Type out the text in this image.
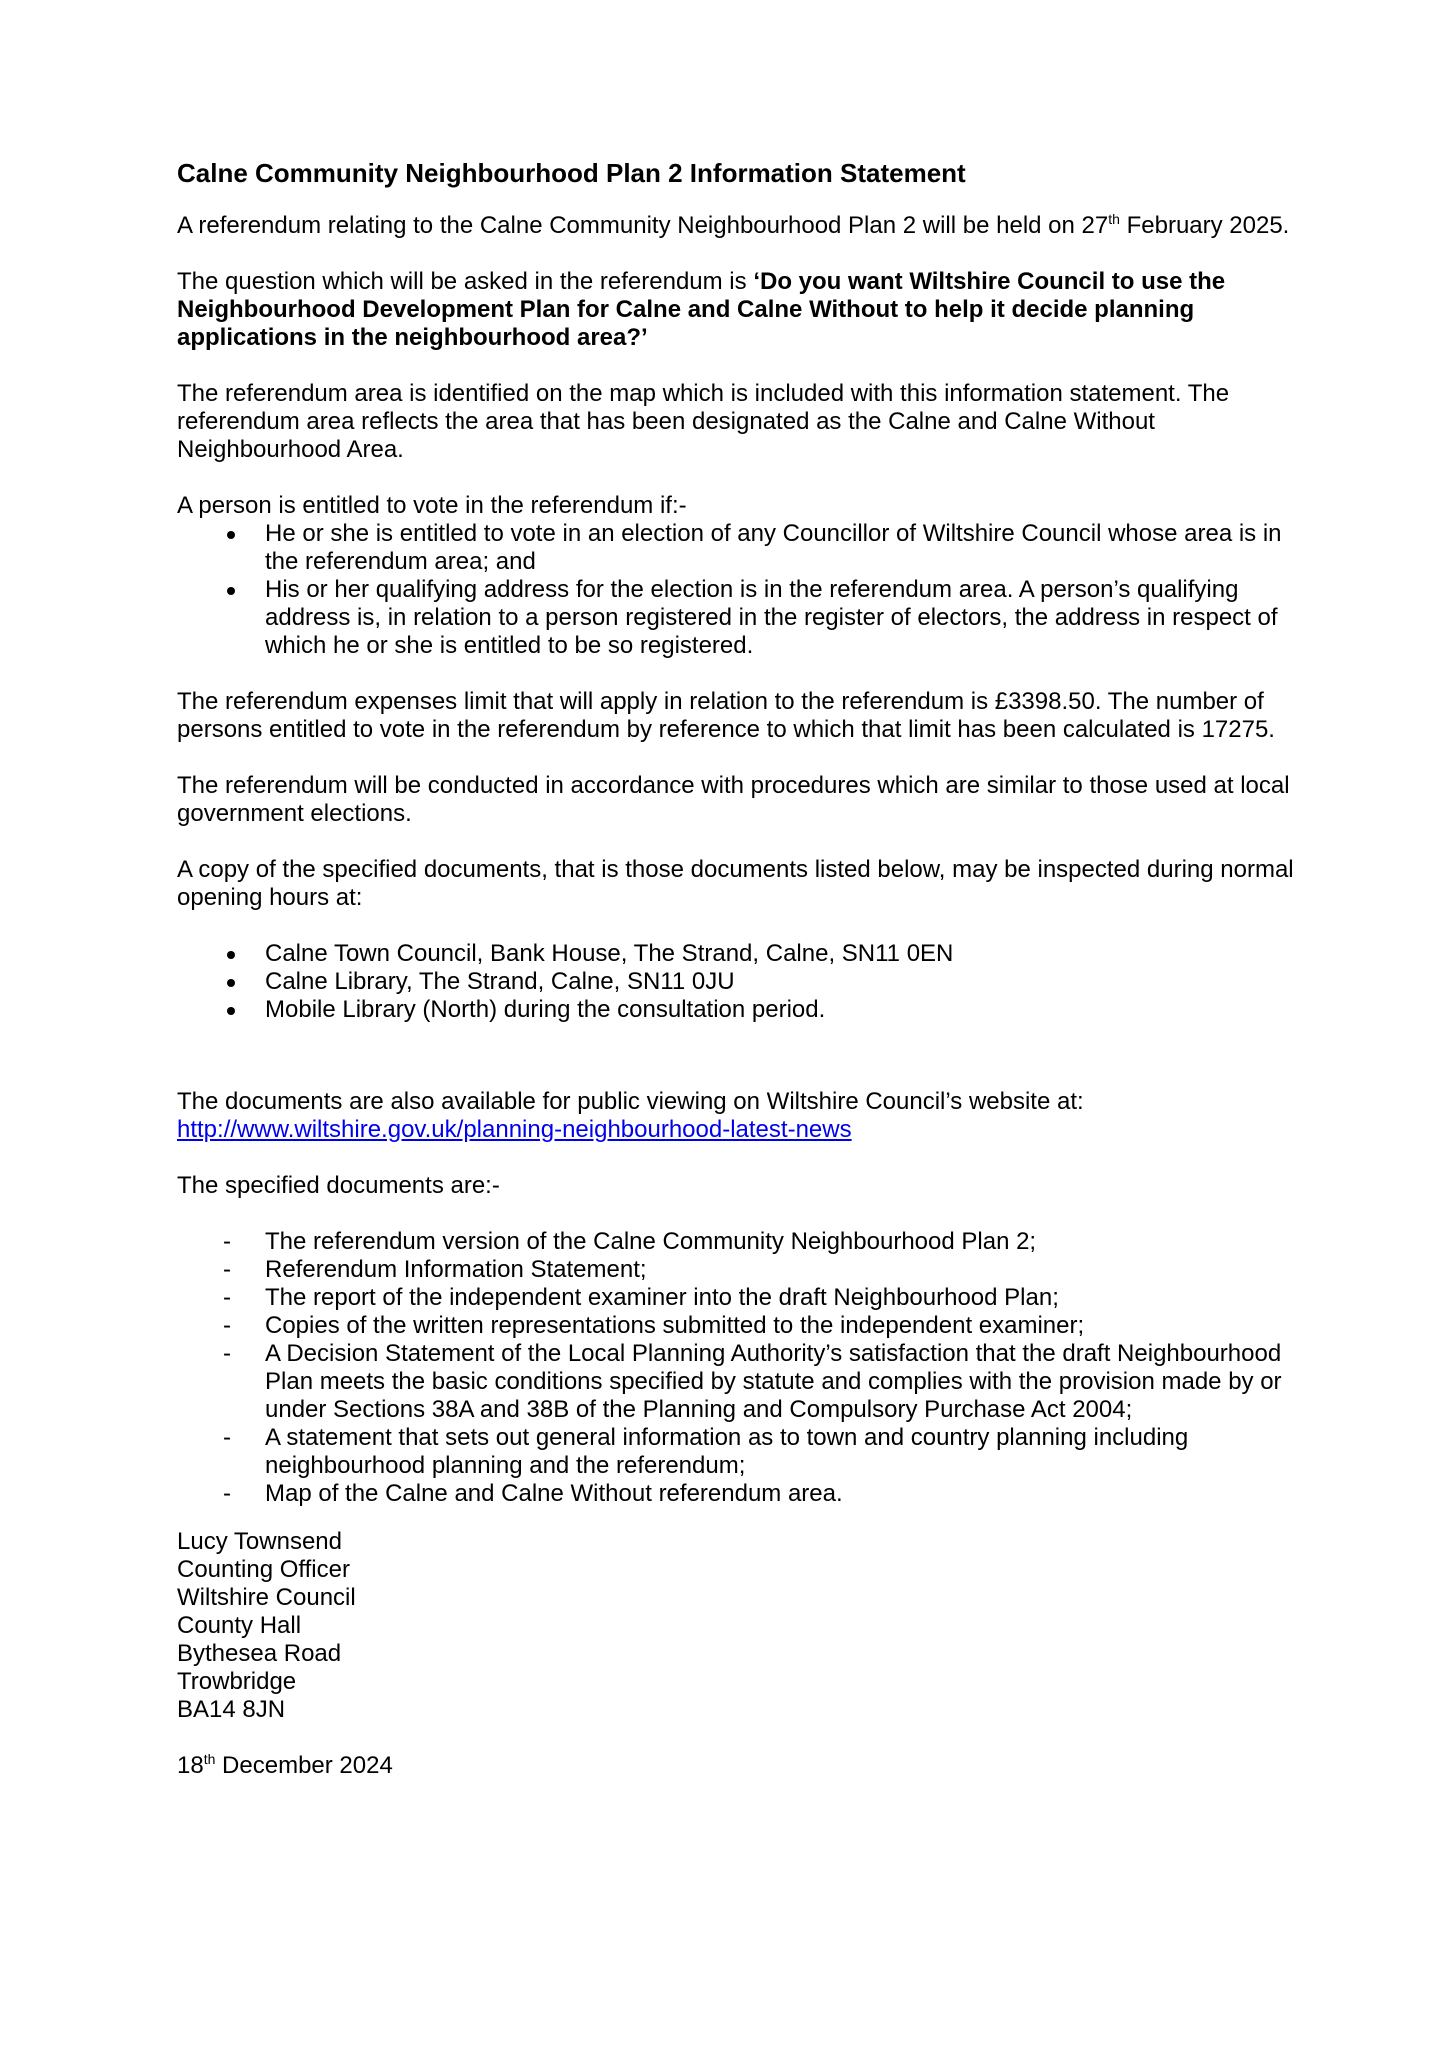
Calne Community Neighbourhood Plan 2 Information Statement

A referendum relating to the Calne Community Neighbourhood Plan 2 will be held on 27th February 2025.

The question which will be asked in the referendum is ‘Do you want Wiltshire Council to use the Neighbourhood Development Plan for Calne and Calne Without to help it decide planning applications in the neighbourhood area?’

The referendum area is identified on the map which is included with this information statement. The referendum area reflects the area that has been designated as the Calne and Calne Without Neighbourhood Area.

A person is entitled to vote in the referendum if:-
He or she is entitled to vote in an election of any Councillor of Wiltshire Council whose area is in the referendum area; and
His or her qualifying address for the election is in the referendum area. A person’s qualifying address is, in relation to a person registered in the register of electors, the address in respect of which he or she is entitled to be so registered.

The referendum expenses limit that will apply in relation to the referendum is £3398.50. The number of persons entitled to vote in the referendum by reference to which that limit has been calculated is 17275.

The referendum will be conducted in accordance with procedures which are similar to those used at local government elections.

A copy of the specified documents, that is those documents listed below, may be inspected during normal opening hours at:

Calne Town Council, Bank House, The Strand, Calne, SN11 0EN
Calne Library, The Strand, Calne, SN11 0JU
Mobile Library (North) during the consultation period.

The documents are also available for public viewing on Wiltshire Council’s website at:
http://www.wiltshire.gov.uk/planning-neighbourhood-latest-news

The specified documents are:-

- The referendum version of the Calne Community Neighbourhood Plan 2;
- Referendum Information Statement;
- The report of the independent examiner into the draft Neighbourhood Plan;
- Copies of the written representations submitted to the independent examiner;
- A Decision Statement of the Local Planning Authority’s satisfaction that the draft Neighbourhood Plan meets the basic conditions specified by statute and complies with the provision made by or under Sections 38A and 38B of the Planning and Compulsory Purchase Act 2004;
- A statement that sets out general information as to town and country planning including neighbourhood planning and the referendum;
- Map of the Calne and Calne Without referendum area.
Lucy Townsend
Counting Officer
Wiltshire Council
County Hall
Bythesea Road
Trowbridge
BA14 8JN
18th December 2024
